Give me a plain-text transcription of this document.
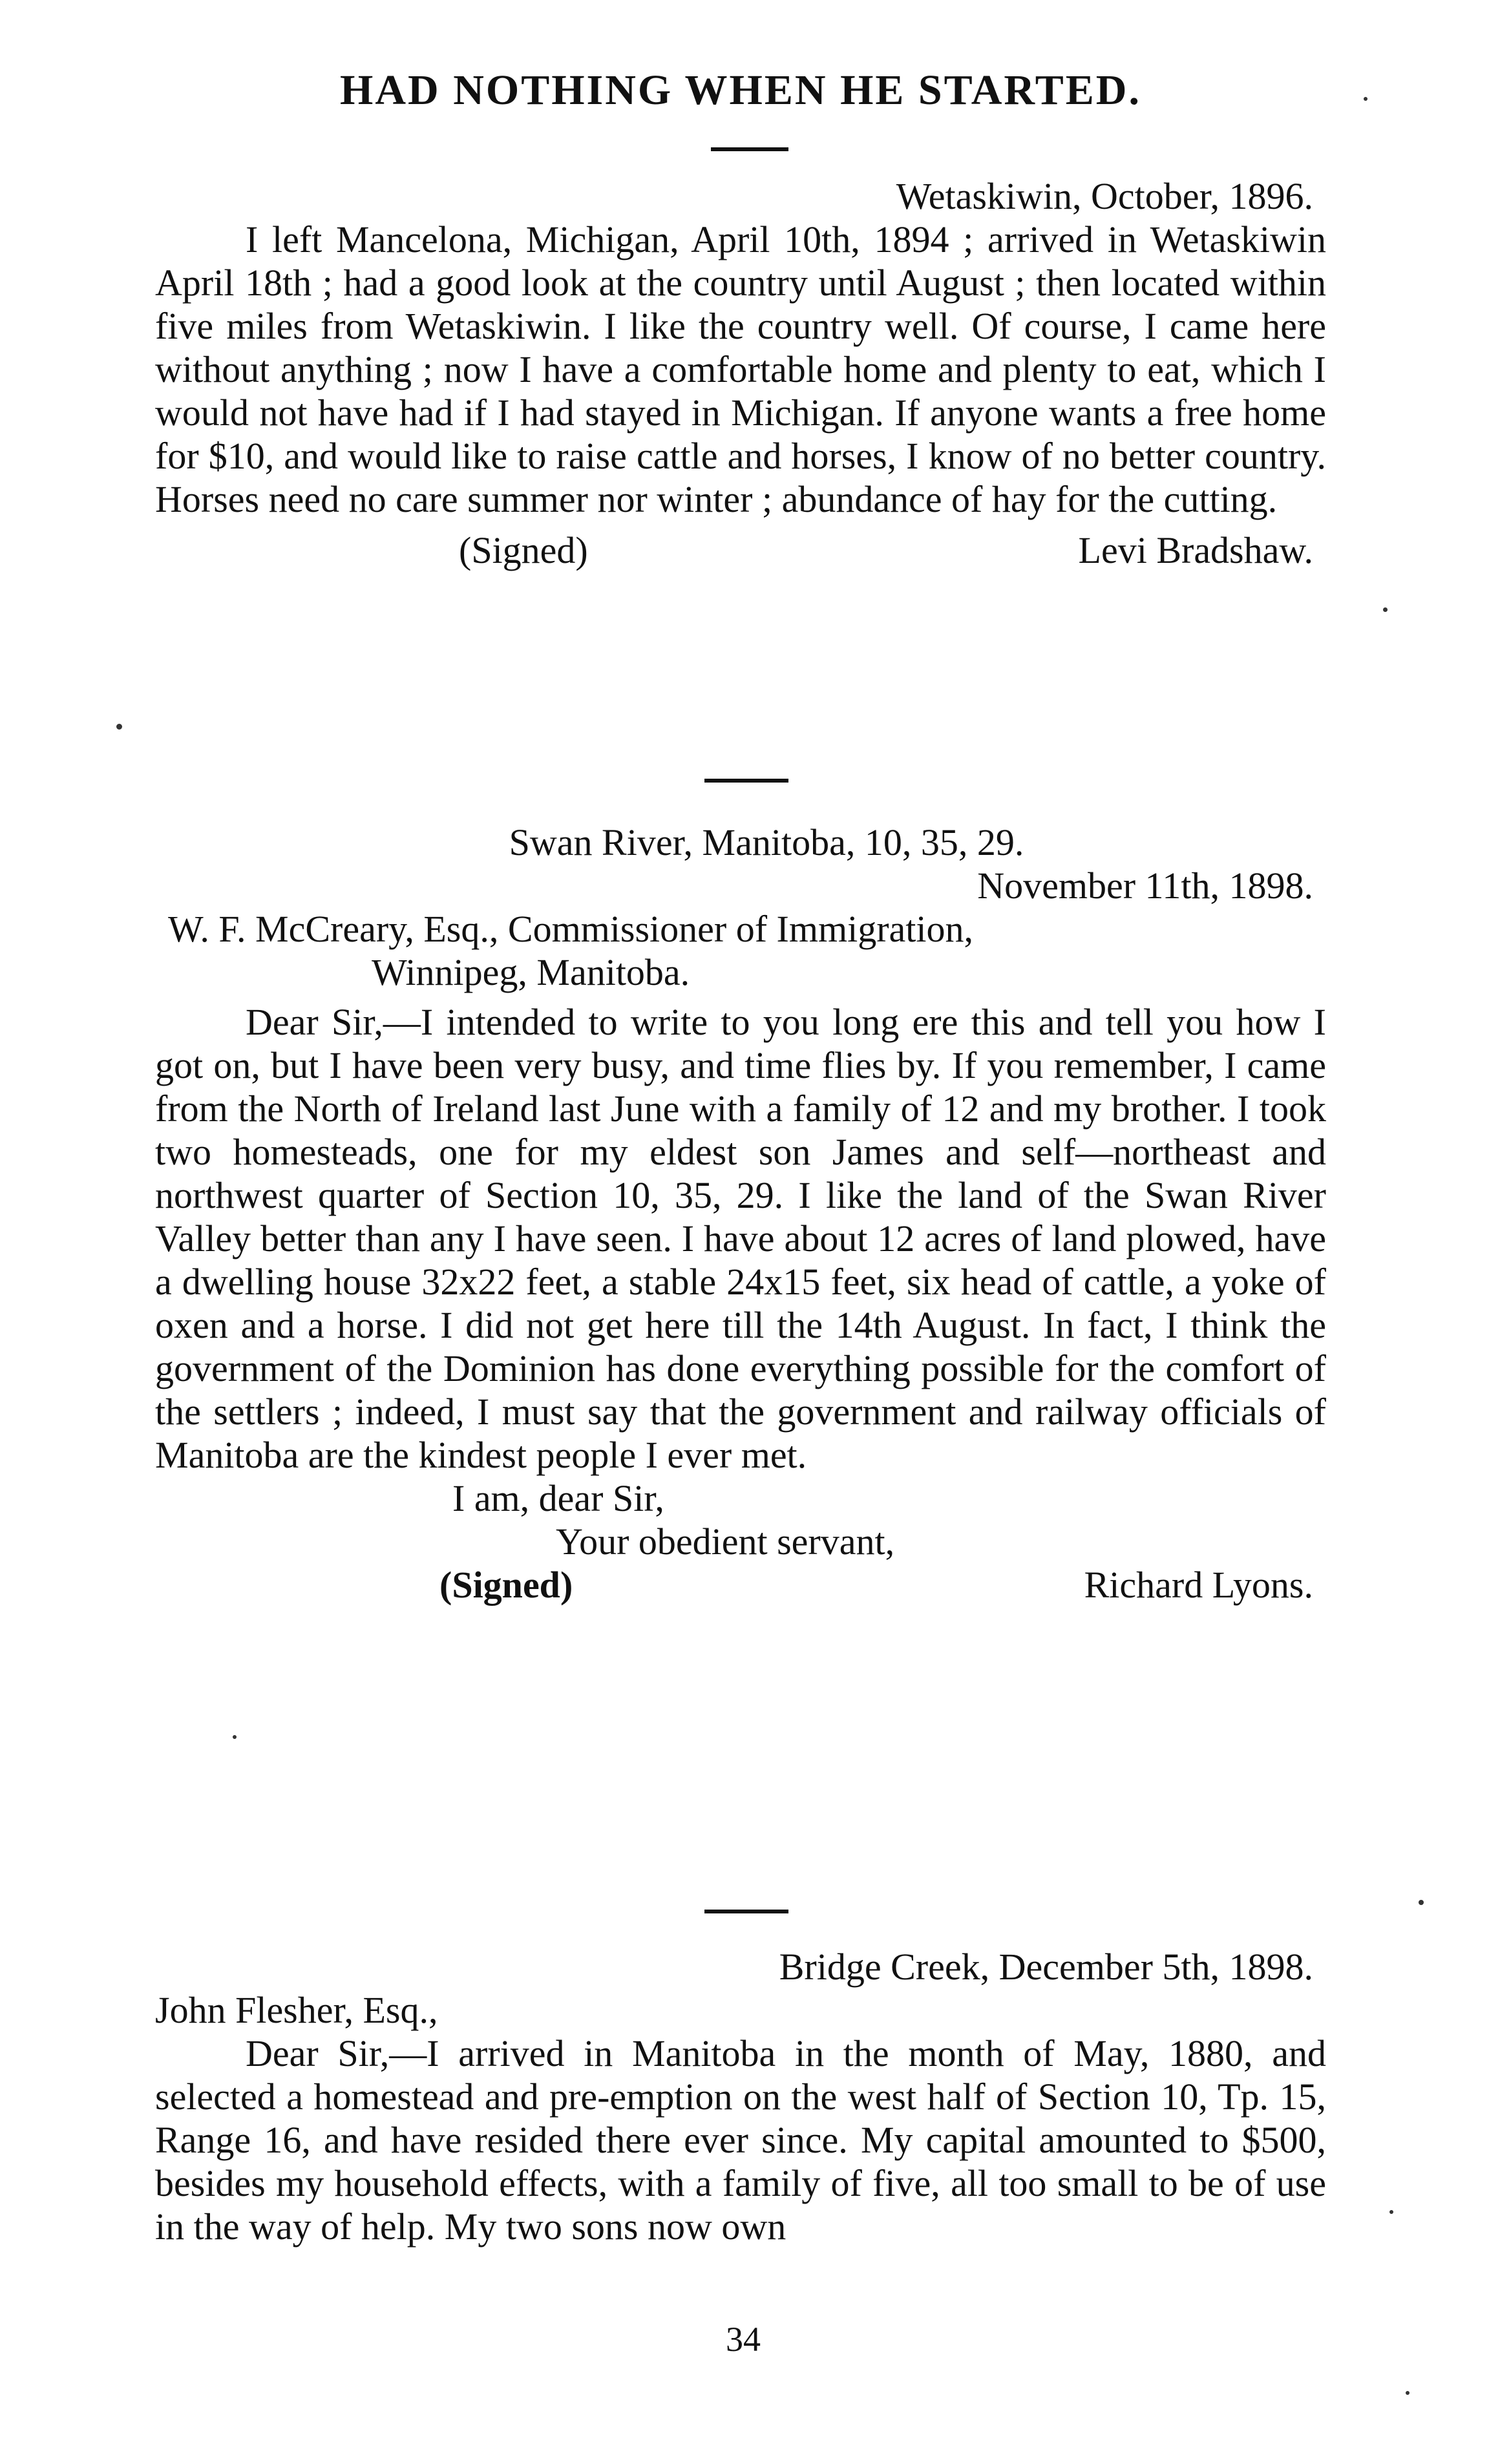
HAD NOTHING WHEN HE STARTED.

Wetaskiwin, October, 1896.

I left Mancelona, Michigan, April 10th, 1894 ; arrived in Wetaskiwin April 18th ; had a good look at the country until August ; then located within five miles from Wetaskiwin. I like the country well. Of course, I came here without anything ; now I have a comfortable home and plenty to eat, which I would not have had if I had stayed in Michigan. If anyone wants a free home for $10, and would like to raise cattle and horses, I know of no better country. Horses need no care summer nor winter ; abundance of hay for the cutting.

(Signed)	Levi Bradshaw.

Swan River, Manitoba, 10, 35, 29.

November 11th, 1898.

W. F. McCreary, Esq., Commissioner of Immigration,

Winnipeg, Manitoba.

Dear Sir,—I intended to write to you long ere this and tell you how I got on, but I have been very busy, and time flies by. If you remember, I came from the North of Ireland last June with a family of 12 and my brother. I took two homesteads, one for my eldest son James and self—northeast and northwest quarter of Section 10, 35, 29. I like the land of the Swan River Valley better than any I have seen. I have about 12 acres of land plowed, have a dwelling house 32x22 feet, a stable 24x15 feet, six head of cattle, a yoke of oxen and a horse. I did not get here till the 14th August. In fact, I think the government of the Dominion has done everything possible for the comfort of the settlers ; indeed, I must say that the government and railway officials of Manitoba are the kindest people I ever met.

I am, dear Sir,

Your obedient servant,

(Signed)	Richard Lyons.

Bridge Creek, December 5th, 1898.

John Flesher, Esq.,

Dear Sir,—I arrived in Manitoba in the month of May, 1880, and selected a homestead and pre-emption on the west half of Section 10, Tp. 15, Range 16, and have resided there ever since. My capital amounted to $500, besides my household effects, with a family of five, all too small to be of use in the way of help. My two sons now own

34
